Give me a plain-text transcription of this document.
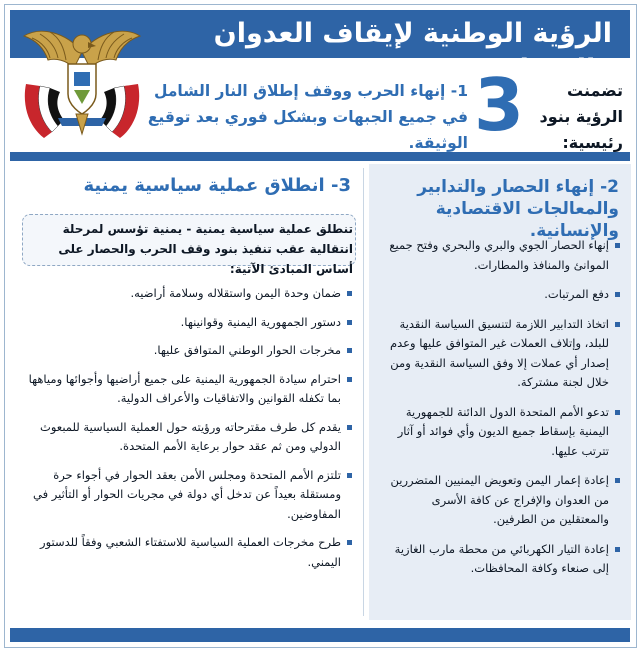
الرؤية الوطنية لإيقاف العدوان والحصار
تضمنت الرؤية بنود رئيسية:
3
1- إنهاء الحرب ووقف إطلاق النار الشامل في جميع الجبهات وبشكل فوري بعد توقيع الوثيقة.
2- إنهاء الحصار والتدابير والمعالجات الاقتصادية والإنسانية.
إنهاء الحصار الجوي والبري والبحري وفتح جميع الموانئ والمنافذ والمطارات.
دفع المرتبات.
اتخاذ التدابير اللازمة لتنسيق السياسة النقدية للبلد، وإتلاف العملات غير المتوافق عليها وعدم إصدار أي عملات إلا وفق السياسة النقدية ومن خلال لجنة مشتركة.
تدعو الأمم المتحدة الدول الدائنة للجمهورية اليمنية بإسقاط جميع الديون وأي فوائد أو آثار تترتب عليها.
إعادة إعمار اليمن وتعويض اليمنيين المتضررين من العدوان والإفراج عن كافة الأسرى والمعتقلين من الطرفين.
إعادة التيار الكهربائي من محطة مارب الغازية إلى صنعاء وكافة المحافظات.
3- انطلاق عملية سياسية يمنية
تنطلق عملية سياسية يمنية - يمنية تؤسس لمرحلة انتقالية عقب تنفيذ بنود وقف الحرب والحصار على أساس المبادئ الآتية:
ضمان وحدة اليمن واستقلاله وسلامة أراضيه.
دستور الجمهورية اليمنية وقوانينها.
مخرجات الحوار الوطني المتوافق عليها.
احترام سيادة الجمهورية اليمنية على جميع أراضيها وأجوائها ومياهها بما تكفله القوانين والاتفاقيات والأعراف الدولية.
يقدم كل طرف مقترحاته ورؤيته حول العملية السياسية للمبعوث الدولي ومن ثم عقد حوار برعاية الأمم المتحدة.
تلتزم الأمم المتحدة ومجلس الأمن بعقد الحوار في أجواء حرة ومستقلة بعيداً عن تدخل أي دولة في مجريات الحوار أو التأثير في المفاوضين.
طرح مخرجات العملية السياسية للاستفتاء الشعبي وفقاً للدستور اليمني.
